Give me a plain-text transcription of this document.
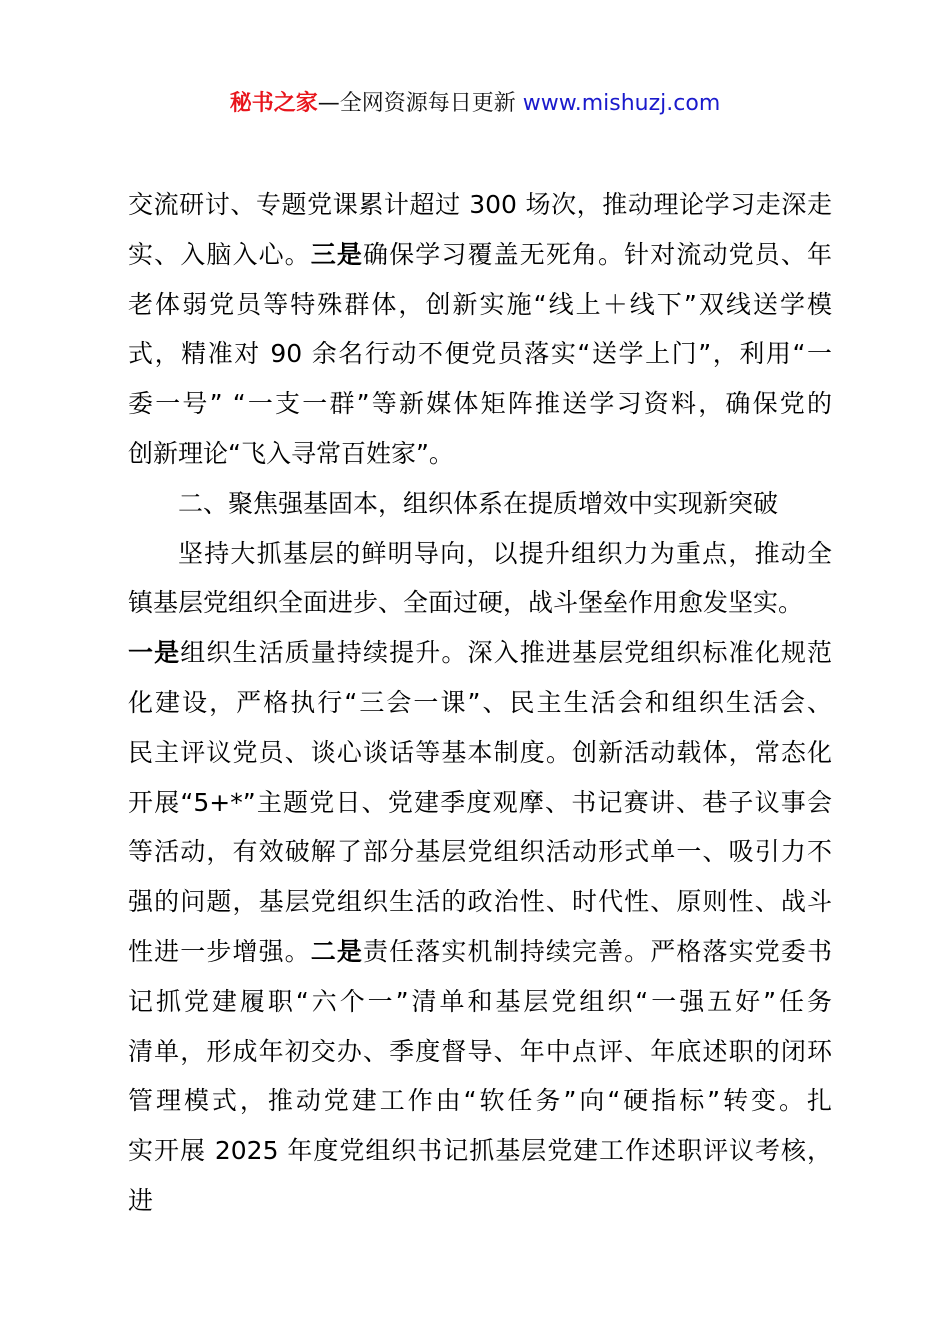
秘书之家—全网资源每日更新 www.mishuzj.com
交流研讨、专题党课累计超过 300 场次，推动理论学习走深走
实、入脑入心。三是确保学习覆盖无死角。针对流动党员、年
老体弱党员等特殊群体，创新实施“线上＋线下”双线送学模
式，精准对 90 余名行动不便党员落实“送学上门”，利用“一
委一号” “一支一群”等新媒体矩阵推送学习资料，确保党的
创新理论“飞入寻常百姓家”。
二、聚焦强基固本，组织体系在提质增效中实现新突破
坚持大抓基层的鲜明导向，以提升组织力为重点，推动全
镇基层党组织全面进步、全面过硬，战斗堡垒作用愈发坚实。
一是组织生活质量持续提升。深入推进基层党组织标准化规范
化建设，严格执行“三会一课”、民主生活会和组织生活会、
民主评议党员、谈心谈话等基本制度。创新活动载体，常态化
开展“5+*”主题党日、党建季度观摩、书记赛讲、巷子议事会
等活动，有效破解了部分基层党组织活动形式单一、吸引力不
强的问题，基层党组织生活的政治性、时代性、原则性、战斗
性进一步增强。二是责任落实机制持续完善。严格落实党委书
记抓党建履职“六个一”清单和基层党组织“一强五好”任务
清单，形成年初交办、季度督导、年中点评、年底述职的闭环
管理模式，推动党建工作由“软任务”向“硬指标”转变。扎
实开展 2025 年度党组织书记抓基层党建工作述职评议考核，进
